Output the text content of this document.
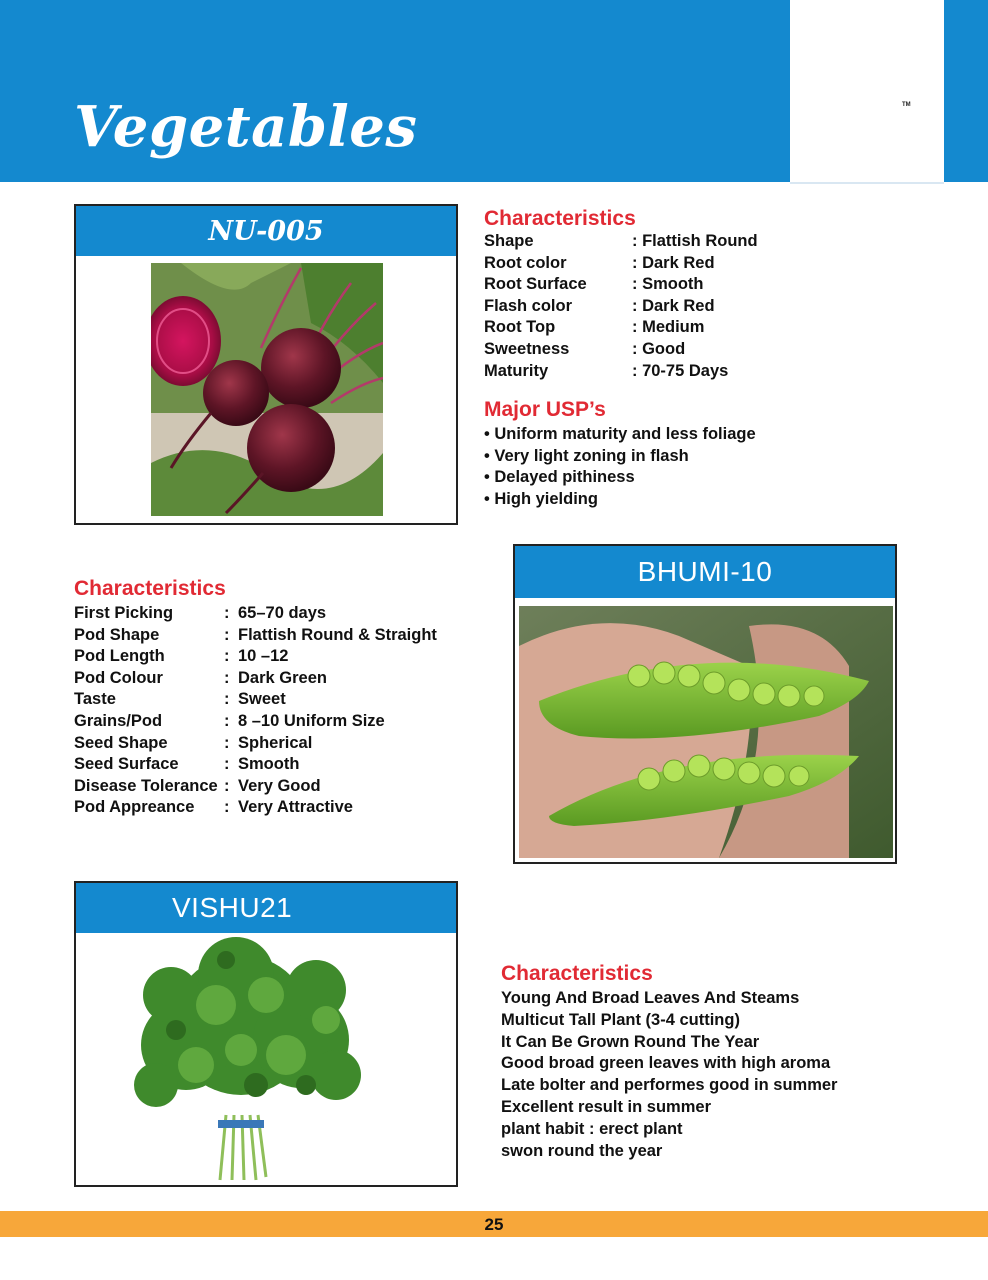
TM
Vegetables
NU-005	Characteristics
Shape	: Flattish Round
Root color	: Dark Red
Root Surface	: Smooth
Flash color	: Dark Red
Root Top	: Medium
Sweetness	: Good
Maturity	: 70-75 Days
Major USP’s
• Uniform maturity and less foliage
• Very light zoning in flash
• Delayed pithiness
• High yielding
Characteristics
First Picking	: 65–70 days
Pod Shape	: Flattish Round & Straight
Pod Length	: 10 –12
Pod Colour	: Dark Green
Taste	: Sweet
Grains/Pod	: 8 –10 Uniform Size
Seed Shape	: Spherical
Seed Surface	: Smooth
Disease Tolerance : Very Good
Pod Appreance	: Very Attractive
BHUMI-10
VISHU21
Characteristics
Young And Broad Leaves And Steams
Multicut Tall Plant (3-4 cutting)
It Can Be Grown Round The Year
Good broad green leaves with high aroma
Late bolter and performes good in summer
Excellent result in summer
plant habit : erect plant
swon round the year
25
